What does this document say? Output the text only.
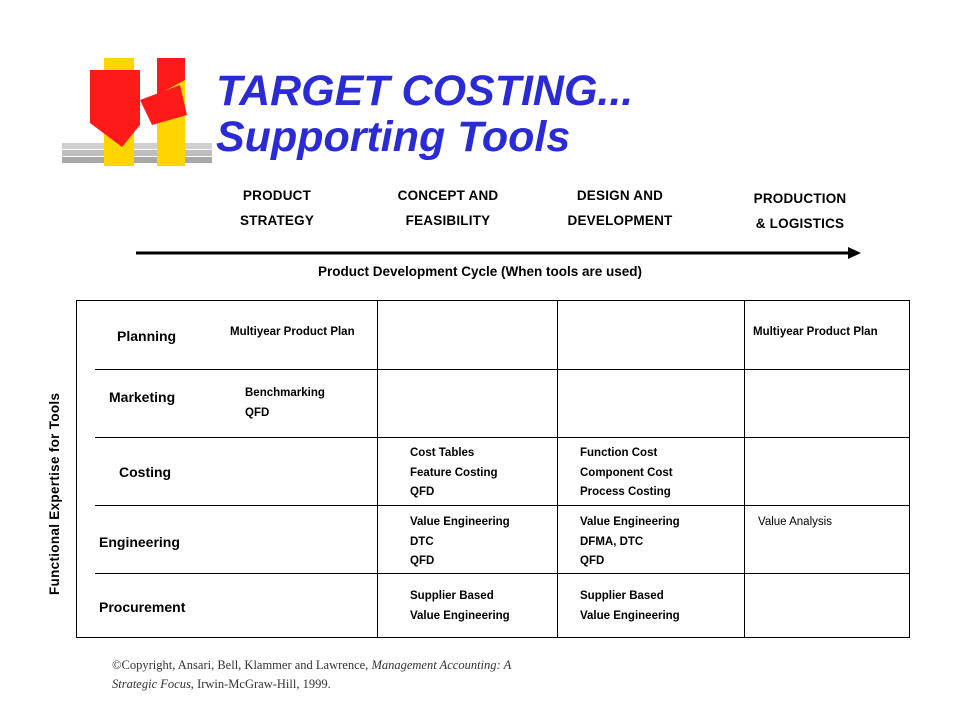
TARGET COSTING...
Supporting Tools
PRODUCT
STRATEGY
CONCEPT AND
FEASIBILITY
DESIGN AND
DEVELOPMENT
PRODUCTION
& LOGISTICS
Product Development Cycle (When tools are used)
Functional Expertise for Tools
Planning
Marketing
Costing
Engineering
Procurement
Multiyear Product Plan	Multiyear Product Plan
Benchmarking
QFD
Cost Tables
Feature Costing
QFD
Function Cost
Component Cost
Process Costing
Value Engineering
DTC
QFD
Value Engineering
DFMA, DTC
QFD
Value Analysis
Supplier Based
Value Engineering
Supplier Based
Value Engineering
©Copyright, Ansari, Bell, Klammer and Lawrence, Management Accounting: A Strategic Focus, Irwin-McGraw-Hill, 1999.
